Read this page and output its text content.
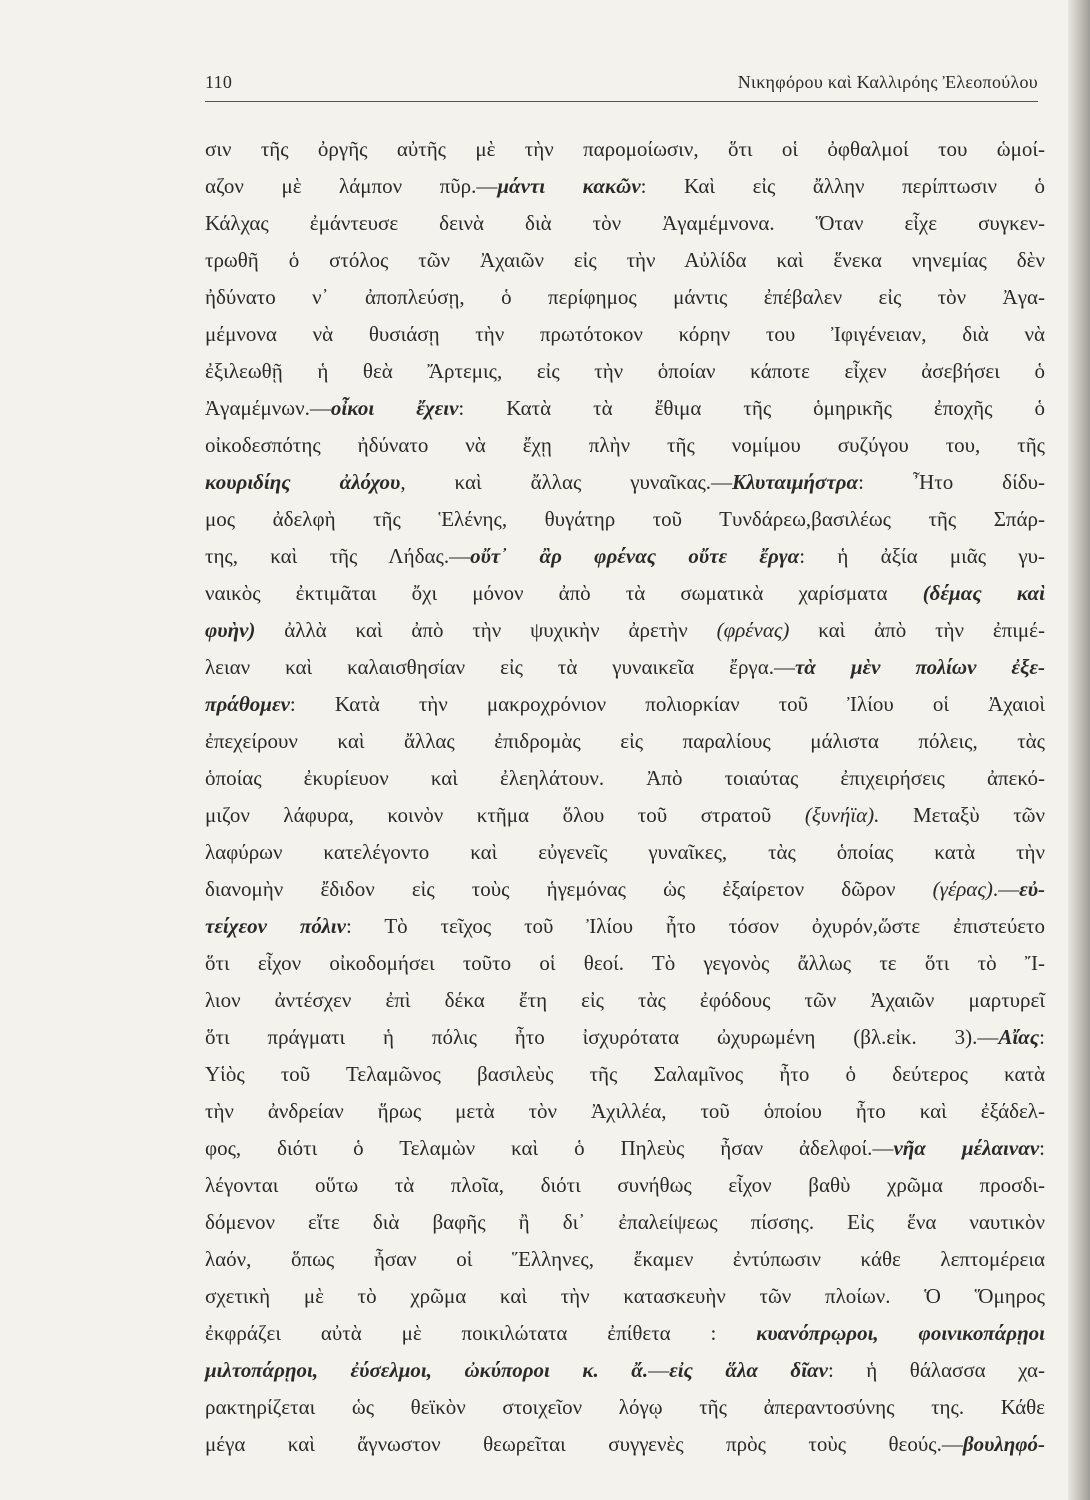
110	Νικηφόρου καὶ Καλλιρόης Ἐλεοπούλου
σιν τῆς ὀργῆς αὐτῆς μὲ τὴν παρομοίωσιν, ὅτι οἱ ὀφθαλμοί του ὡμοί-
αζον μὲ λάμπον πῦρ.—μάντι κακῶν: Καὶ εἰς ἄλλην περίπτωσιν ὁ
Κάλχας ἐμάντευσε δεινὰ διὰ τὸν Ἀγαμέμνονα. Ὅταν εἶχε συγκεν-
τρωθῆ ὁ στόλος τῶν Ἀχαιῶν εἰς τὴν Αὐλίδα καὶ ἕνεκα νηνεμίας δὲν
ἠδύνατο ν᾽ ἀποπλεύσῃ, ὁ περίφημος μάντις ἐπέβαλεν εἰς τὸν Ἀγα-
μέμνονα νὰ θυσιάσῃ τὴν πρωτότοκον κόρην του Ἰφιγένειαν, διὰ νὰ
ἐξιλεωθῇ ἡ θεὰ Ἄρτεμις, εἰς τὴν ὁποίαν κάποτε εἶχεν ἀσεβήσει ὁ
Ἀγαμέμνων.—οἶκοι ἔχειν: Κατὰ τὰ ἔθιμα τῆς ὁμηρικῆς ἐποχῆς ὁ
οἰκοδεσπότης ἠδύνατο νὰ ἔχῃ πλὴν τῆς νομίμου συζύγου του, τῆς
κουριδίης ἀλόχου, καὶ ἄλλας γυναῖκας.—Κλυταιμήστρα: Ἦτο δίδυ-
μος ἀδελφὴ τῆς Ἑλένης, θυγάτηρ τοῦ Τυνδάρεω,βασιλέως τῆς Σπάρ-
της, καὶ τῆς Λήδας.—οὔτ᾽ ἂρ φρένας οὔτε ἔργα: ἡ ἀξία μιᾶς γυ-
ναικὸς ἐκτιμᾶται ὄχι μόνον ἀπὸ τὰ σωματικὰ χαρίσματα (δέμας καὶ
φυὴν) ἀλλὰ καὶ ἀπὸ τὴν ψυχικὴν ἀρετὴν (φρένας) καὶ ἀπὸ τὴν ἐπιμέ-
λειαν καὶ καλαισθησίαν εἰς τὰ γυναικεῖα ἔργα.—τὰ μὲν πολίων ἐξε-
πράθομεν: Κατὰ τὴν μακροχρόνιον πολιορκίαν τοῦ Ἰλίου οἱ Ἀχαιοὶ
ἐπεχείρουν καὶ ἄλλας ἐπιδρομὰς εἰς παραλίους μάλιστα πόλεις, τὰς
ὁποίας ἐκυρίευον καὶ ἐλεηλάτουν. Ἀπὸ τοιαύτας ἐπιχειρήσεις ἀπεκό-
μιζον λάφυρα, κοινὸν κτῆμα ὅλου τοῦ στρατοῦ (ξυνήϊα). Μεταξὺ τῶν
λαφύρων κατελέγοντο καὶ εὐγενεῖς γυναῖκες, τὰς ὁποίας κατὰ τὴν
διανομὴν ἔδιδον εἰς τοὺς ἡγεμόνας ὡς ἐξαίρετον δῶρον (γέρας).—εὐ-
τείχεον πόλιν: Τὸ τεῖχος τοῦ Ἰλίου ἦτο τόσον ὀχυρόν,ὥστε ἐπιστεύετο
ὅτι εἶχον οἰκοδομήσει τοῦτο οἱ θεοί. Τὸ γεγονὸς ἄλλως τε ὅτι τὸ Ἴ-
λιον ἀντέσχεν ἐπὶ δέκα ἔτη εἰς τὰς ἐφόδους τῶν Ἀχαιῶν μαρτυρεῖ
ὅτι πράγματι ἡ πόλις ἦτο ἰσχυρότατα ὠχυρωμένη (βλ.εἰκ. 3).—Αἴας:
Υἱὸς τοῦ Τελαμῶνος βασιλεὺς τῆς Σαλαμῖνος ἦτο ὁ δεύτερος κατὰ
τὴν ἀνδρείαν ἥρως μετὰ τὸν Ἀχιλλέα, τοῦ ὁποίου ἦτο καὶ ἐξάδελ-
φος, διότι ὁ Τελαμὼν καὶ ὁ Πηλεὺς ἦσαν ἀδελφοί.—νῆα μέλαιναν:
λέγονται οὕτω τὰ πλοῖα, διότι συνήθως εἶχον βαθὺ χρῶμα προσδι-
δόμενον εἴτε διὰ βαφῆς ἢ δι᾽ ἐπαλείψεως πίσσης. Εἰς ἕνα ναυτικὸν
λαόν, ὅπως ἦσαν οἱ Ἕλληνες, ἔκαμεν ἐντύπωσιν κάθε λεπτομέρεια
σχετικὴ μὲ τὸ χρῶμα καὶ τὴν κατασκευὴν τῶν πλοίων. Ὁ Ὅμηρος
ἐκφράζει αὐτὰ μὲ ποικιλώτατα ἐπίθετα : κυανόπρῳροι, φοινικοπάρῃοι
μιλτοπάρῃοι, ἐύσελμοι, ὠκύποροι κ. ἄ.—εἰς ἅλα δῖαν: ἡ θάλασσα χα-
ρακτηρίζεται ὡς θεϊκὸν στοιχεῖον λόγῳ τῆς ἀπεραντοσύνης της. Κάθε
μέγα καὶ ἄγνωστον θεωρεῖται συγγενὲς πρὸς τοὺς θεούς.—βουληφό-
